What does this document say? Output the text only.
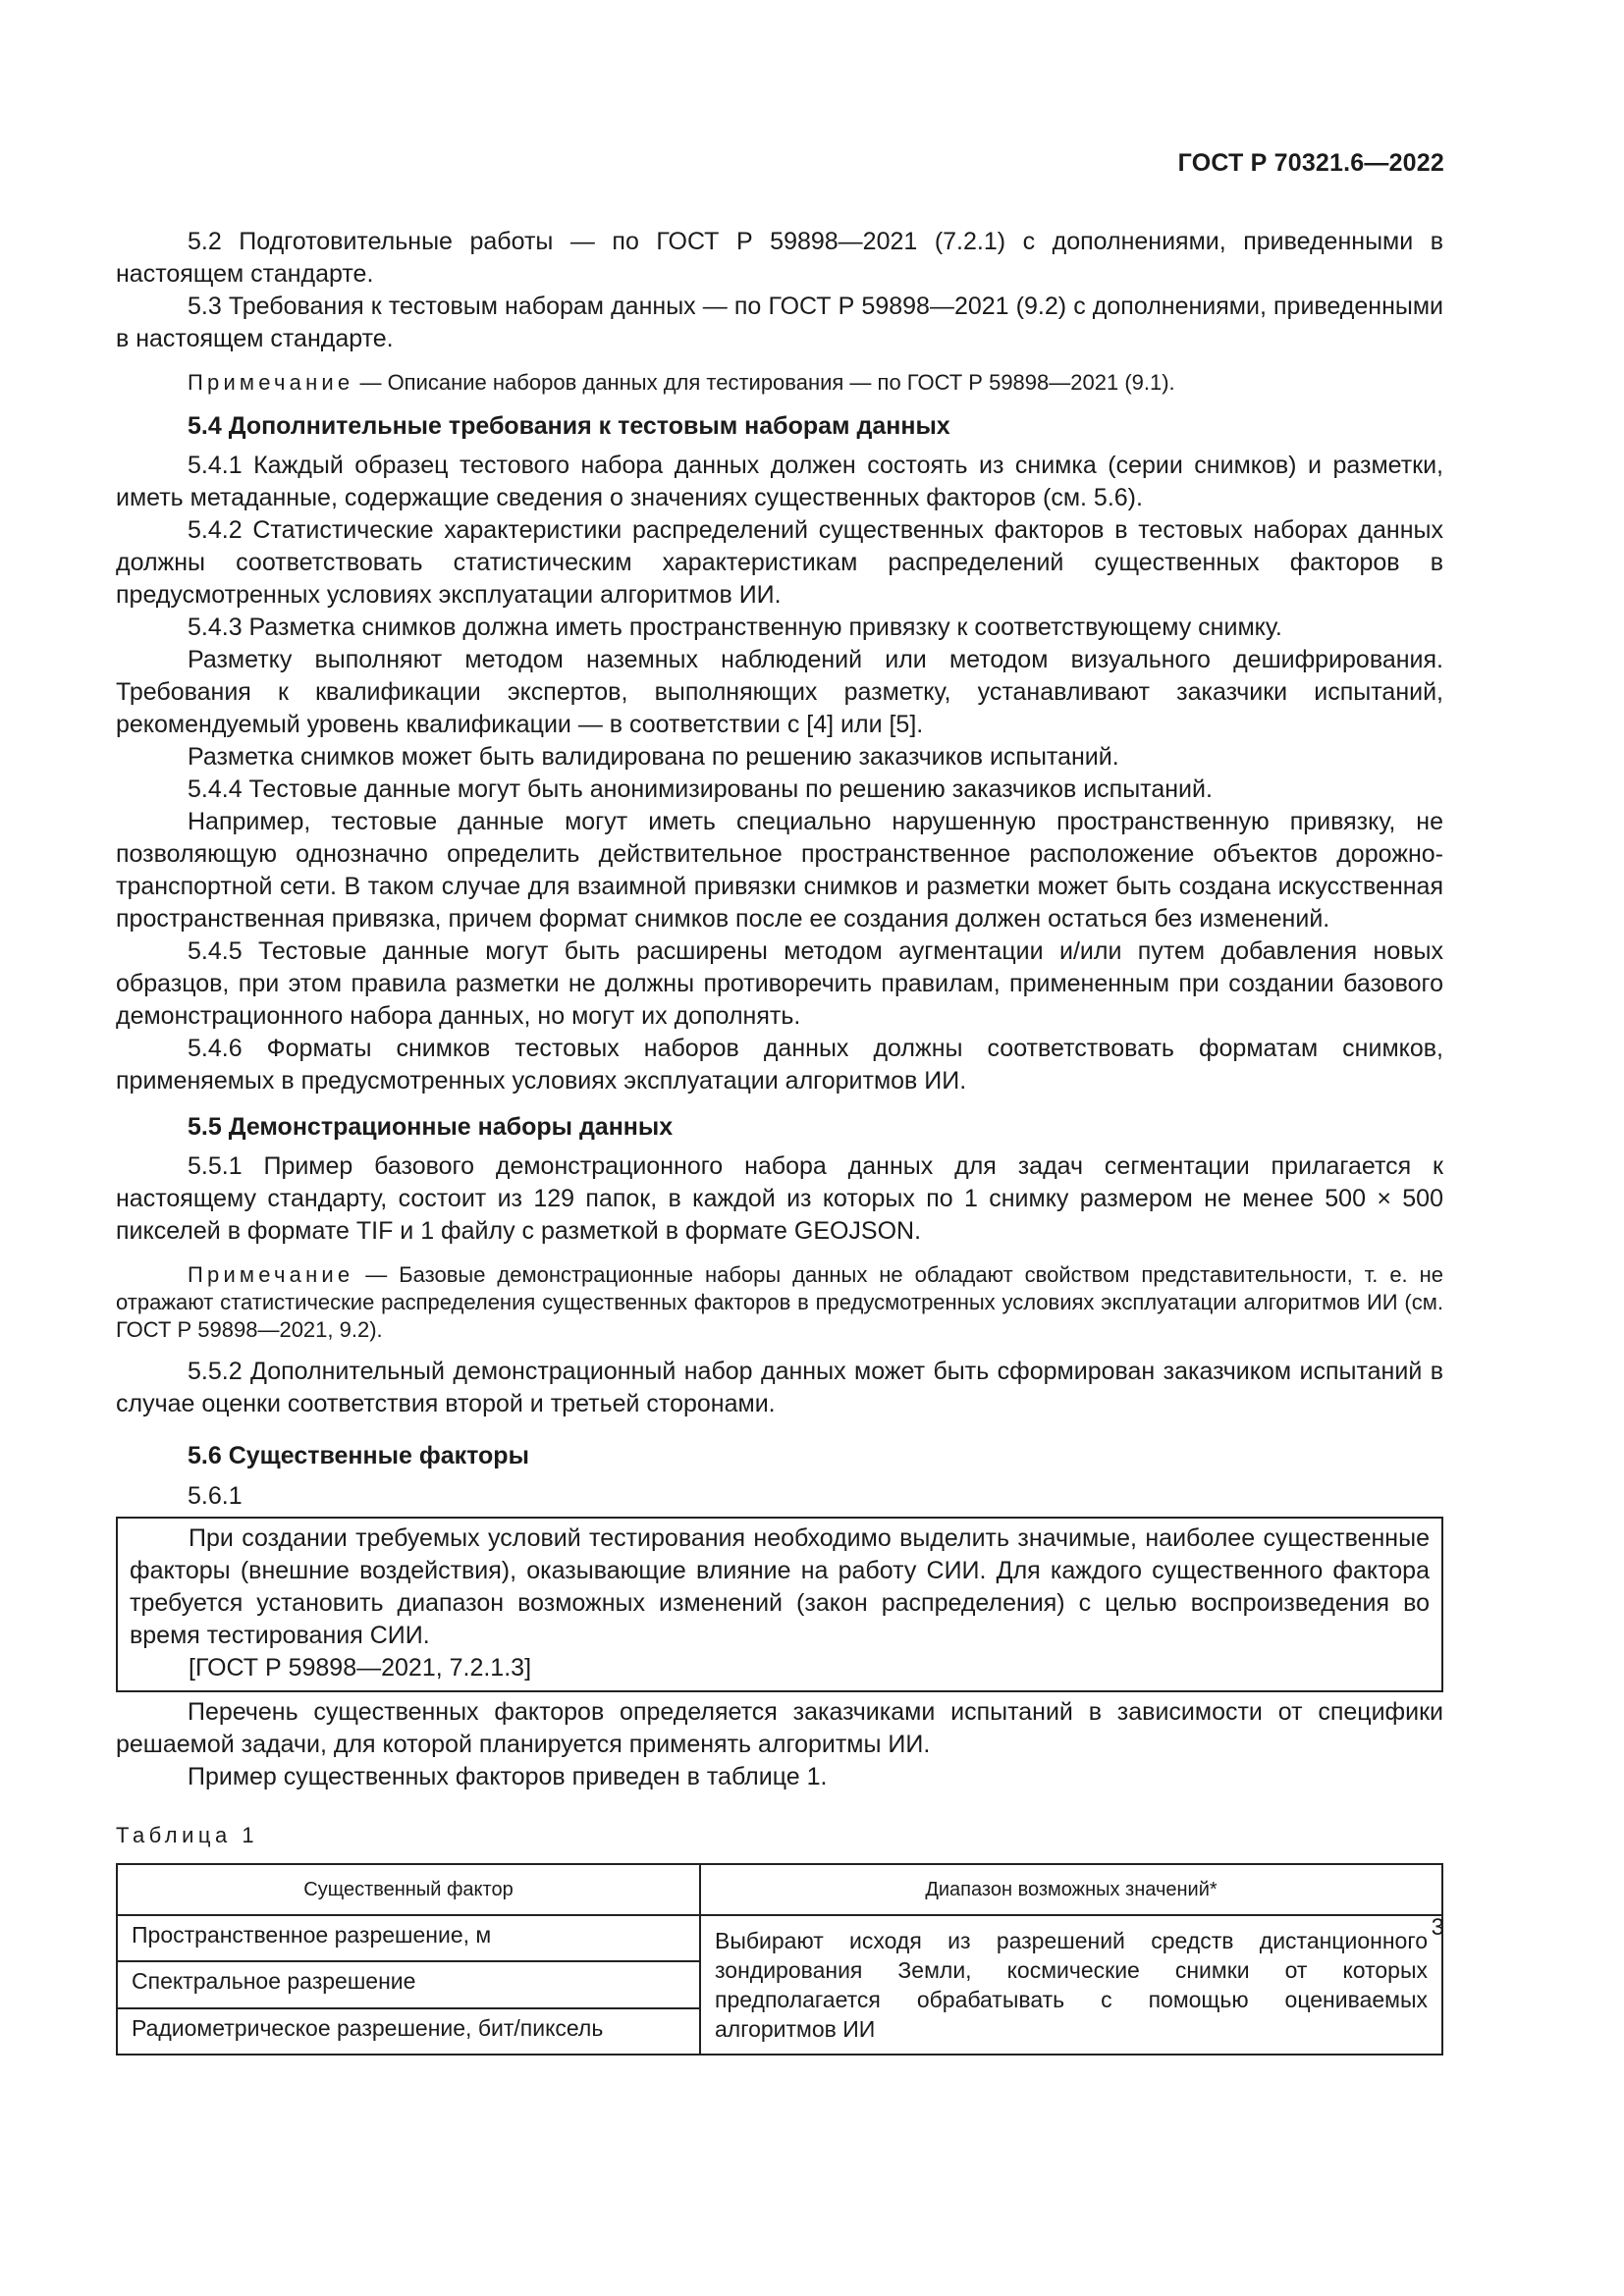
ГОСТ Р 70321.6—2022

5.2 Подготовительные работы — по ГОСТ Р 59898—2021 (7.2.1) с дополнениями, приведенными в настоящем стандарте.

5.3 Требования к тестовым наборам данных — по ГОСТ Р 59898—2021 (9.2) с дополнениями, приведенными в настоящем стандарте.

Примечание — Описание наборов данных для тестирования — по ГОСТ Р 59898—2021 (9.1).

5.4 Дополнительные требования к тестовым наборам данных

5.4.1 Каждый образец тестового набора данных должен состоять из снимка (серии снимков) и разметки, иметь метаданные, содержащие сведения о значениях существенных факторов (см. 5.6).

5.4.2 Статистические характеристики распределений существенных факторов в тестовых наборах данных должны соответствовать статистическим характеристикам распределений существенных факторов в предусмотренных условиях эксплуатации алгоритмов ИИ.

5.4.3 Разметка снимков должна иметь пространственную привязку к соответствующему снимку.

Разметку выполняют методом наземных наблюдений или методом визуального дешифрирования. Требования к квалификации экспертов, выполняющих разметку, устанавливают заказчики испытаний, рекомендуемый уровень квалификации — в соответствии с [4] или [5].

Разметка снимков может быть валидирована по решению заказчиков испытаний.

5.4.4 Тестовые данные могут быть анонимизированы по решению заказчиков испытаний.

Например, тестовые данные могут иметь специально нарушенную пространственную привязку, не позволяющую однозначно определить действительное пространственное расположение объектов дорожно-транспортной сети. В таком случае для взаимной привязки снимков и разметки может быть создана искусственная пространственная привязка, причем формат снимков после ее создания должен остаться без изменений.

5.4.5 Тестовые данные могут быть расширены методом аугментации и/или путем добавления новых образцов, при этом правила разметки не должны противоречить правилам, примененным при создании базового демонстрационного набора данных, но могут их дополнять.

5.4.6 Форматы снимков тестовых наборов данных должны соответствовать форматам снимков, применяемых в предусмотренных условиях эксплуатации алгоритмов ИИ.

5.5 Демонстрационные наборы данных

5.5.1 Пример базового демонстрационного набора данных для задач сегментации прилагается к настоящему стандарту, состоит из 129 папок, в каждой из которых по 1 снимку размером не менее 500 × 500 пикселей в формате TIF и 1 файлу с разметкой в формате GEOJSON.

Примечание — Базовые демонстрационные наборы данных не обладают свойством представительности, т. е. не отражают статистические распределения существенных факторов в предусмотренных условиях эксплуатации алгоритмов ИИ (см. ГОСТ Р 59898—2021, 9.2).

5.5.2 Дополнительный демонстрационный набор данных может быть сформирован заказчиком испытаний в случае оценки соответствия второй и третьей сторонами.

5.6 Существенные факторы

5.6.1

При создании требуемых условий тестирования необходимо выделить значимые, наиболее существенные факторы (внешние воздействия), оказывающие влияние на работу СИИ. Для каждого существенного фактора требуется установить диапазон возможных изменений (закон распределения) с целью воспроизведения во время тестирования СИИ.

[ГОСТ Р 59898—2021, 7.2.1.3]

Перечень существенных факторов определяется заказчиками испытаний в зависимости от специфики решаемой задачи, для которой планируется применять алгоритмы ИИ.

Пример существенных факторов приведен в таблице 1.

Таблица 1
Существенный фактор	Диапазон возможных значений*
Пространственное разрешение, м	Выбирают исходя из разрешений средств дистанционного зондирования Земли, космические снимки от которых предполагается обрабатывать с помощью оцениваемых алгоритмов ИИ
Спектральное разрешение	
Радиометрическое разрешение, бит/пиксель	
3
